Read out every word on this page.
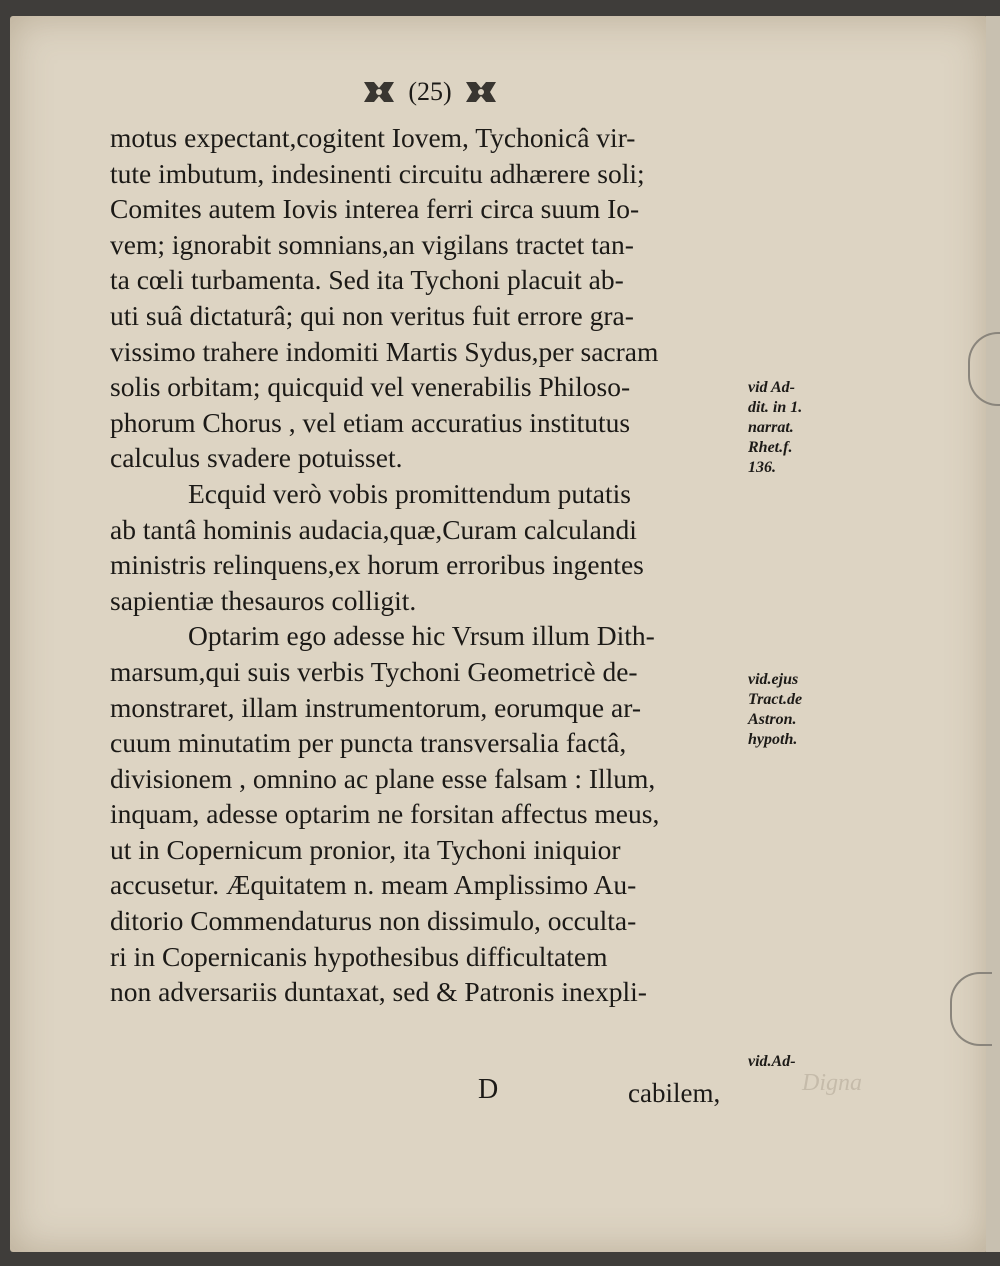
(25)
motus expectant,cogitent Iovem, Tychonicâ vir-
tute imbutum, indesinenti circuitu adhærere soli;
Comites autem Iovis interea ferri circa suum Io-
vem; ignorabit somnians,an vigilans tractet tan-
ta cœli turbamenta. Sed ita Tychoni placuit ab-
uti suâ dictaturâ; qui non veritus fuit errore gra-
vissimo trahere indomiti Martis Sydus,per sacram
solis orbitam; quicquid vel venerabilis Philoso-
phorum Chorus , vel etiam accuratius institutus
calculus svadere potuisset.
Ecquid verò vobis promittendum putatis
ab tantâ hominis audacia,quæ,Curam calculandi
ministris relinquens,ex horum erroribus ingentes
sapientiæ thesauros colligit.
Optarim ego adesse hic Vrsum illum Dith-
marsum,qui suis verbis Tychoni Geometricè de-
monstraret, illam instrumentorum, eorumque ar-
cuum minutatim per puncta transversalia factâ,
divisionem , omnino ac plane esse falsam : Illum,
inquam, adesse optarim ne forsitan affectus meus,
ut in Copernicum pronior, ita Tychoni iniquior
accusetur. Æquitatem n. meam Amplissimo Au-
ditorio Commendaturus non dissimulo, occulta-
ri in Copernicanis hypothesibus difficultatem
non adversariis duntaxat, sed & Patronis inexpli-
vid Ad-
dit. in 1.
narrat.
Rhet.f.
136.
vid.ejus
Tract.de
Astron.
hypoth.
vid.Ad-
D	cabilem,	Digna
